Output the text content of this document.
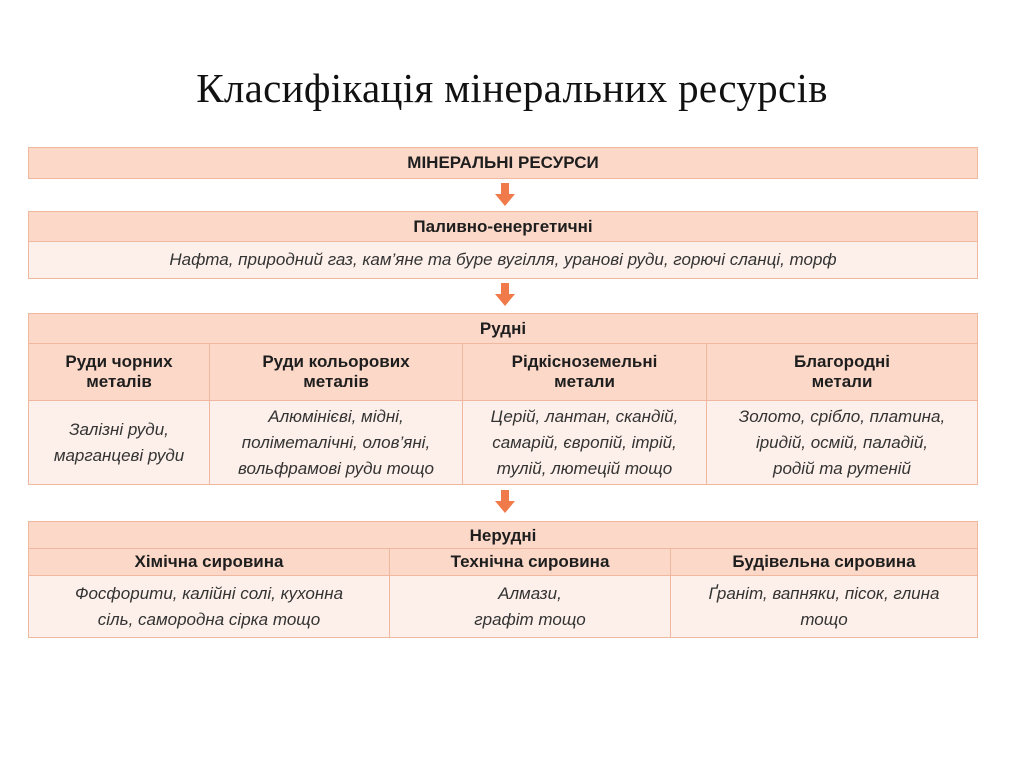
Класифікація мінеральних ресурсів
МІНЕРАЛЬНІ РЕСУРСИ
Паливно-енергетичні
Нафта, природний газ, кам’яне та буре вугілля, уранові руди, горючі сланці, торф
Рудні
Руди чорних
металів
Руди кольорових
металів
Рідкісноземельні
метали
Благородні
метали
Залізні руди,
марганцеві руди
Алюмінієві, мідні,
поліметалічні, олов’яні,
вольфрамові руди тощо
Церій, лантан, скандій,
самарій, європій, ітрій,
тулій, лютецій тощо
Золото, срібло, платина,
іридій, осмій, паладій,
родій та рутеній
Нерудні
Хімічна сировина	Технічна сировина	Будівельна сировина
Фосфорити, калійні солі, кухонна
сіль, самородна сірка тощо
Алмази,
графіт тощо
Ґраніт, вапняки, пісок, глина
тощо
